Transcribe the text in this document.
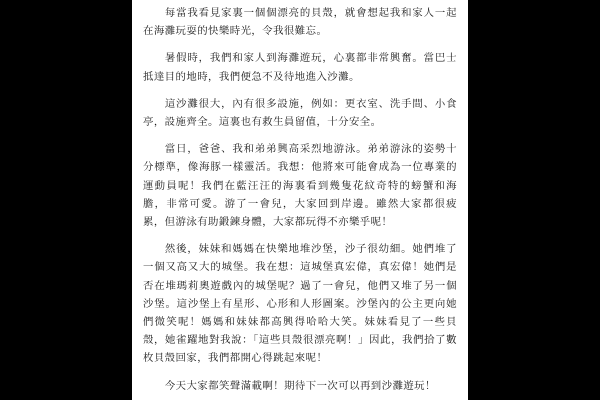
每當我看見家裏一個個漂亮的貝殼，就會想起我和家人一起在海灘玩耍的快樂時光，令我很難忘。

暑假時，我們和家人到海灘遊玩，心裏都非常興奮。當巴士抵達目的地時，我們便急不及待地進入沙灘。

這沙灘很大，內有很多設施，例如：更衣室、洗手間、小食亭，設施齊全。這裏也有救生員留值，十分安全。

當日，爸爸、我和弟弟興高采烈地游泳。弟弟游泳的姿勢十分標準，像海豚一樣靈活。我想：他將來可能會成為一位專業的運動員呢！我們在藍汪汪的海裏看到幾隻花紋奇特的螃蟹和海膽，非常可愛。游了一會兒，大家回到岸邊。雖然大家都很疲累，但游泳有助鍛鍊身體，大家都玩得不亦樂乎呢！

然後，妹妹和媽媽在快樂地堆沙堡，沙子很幼細。她們堆了一個又高又大的城堡。我在想：這城堡真宏偉，真宏偉！她們是否在堆瑪莉奧遊戲內的城堡呢？過了一會兒，他們又堆了另一個沙堡。這沙堡上有星形、心形和人形圖案。沙堡內的公主更向她們微笑呢！媽媽和妹妹都高興得哈哈大笑。妹妹看見了一些貝殼，她雀躍地對我說：「這些貝殼很漂亮啊！」因此，我們拾了數枚貝殼回家，我們都開心得跳起來呢！

今天大家都笑聲滿載啊！期待下一次可以再到沙灘遊玩！
